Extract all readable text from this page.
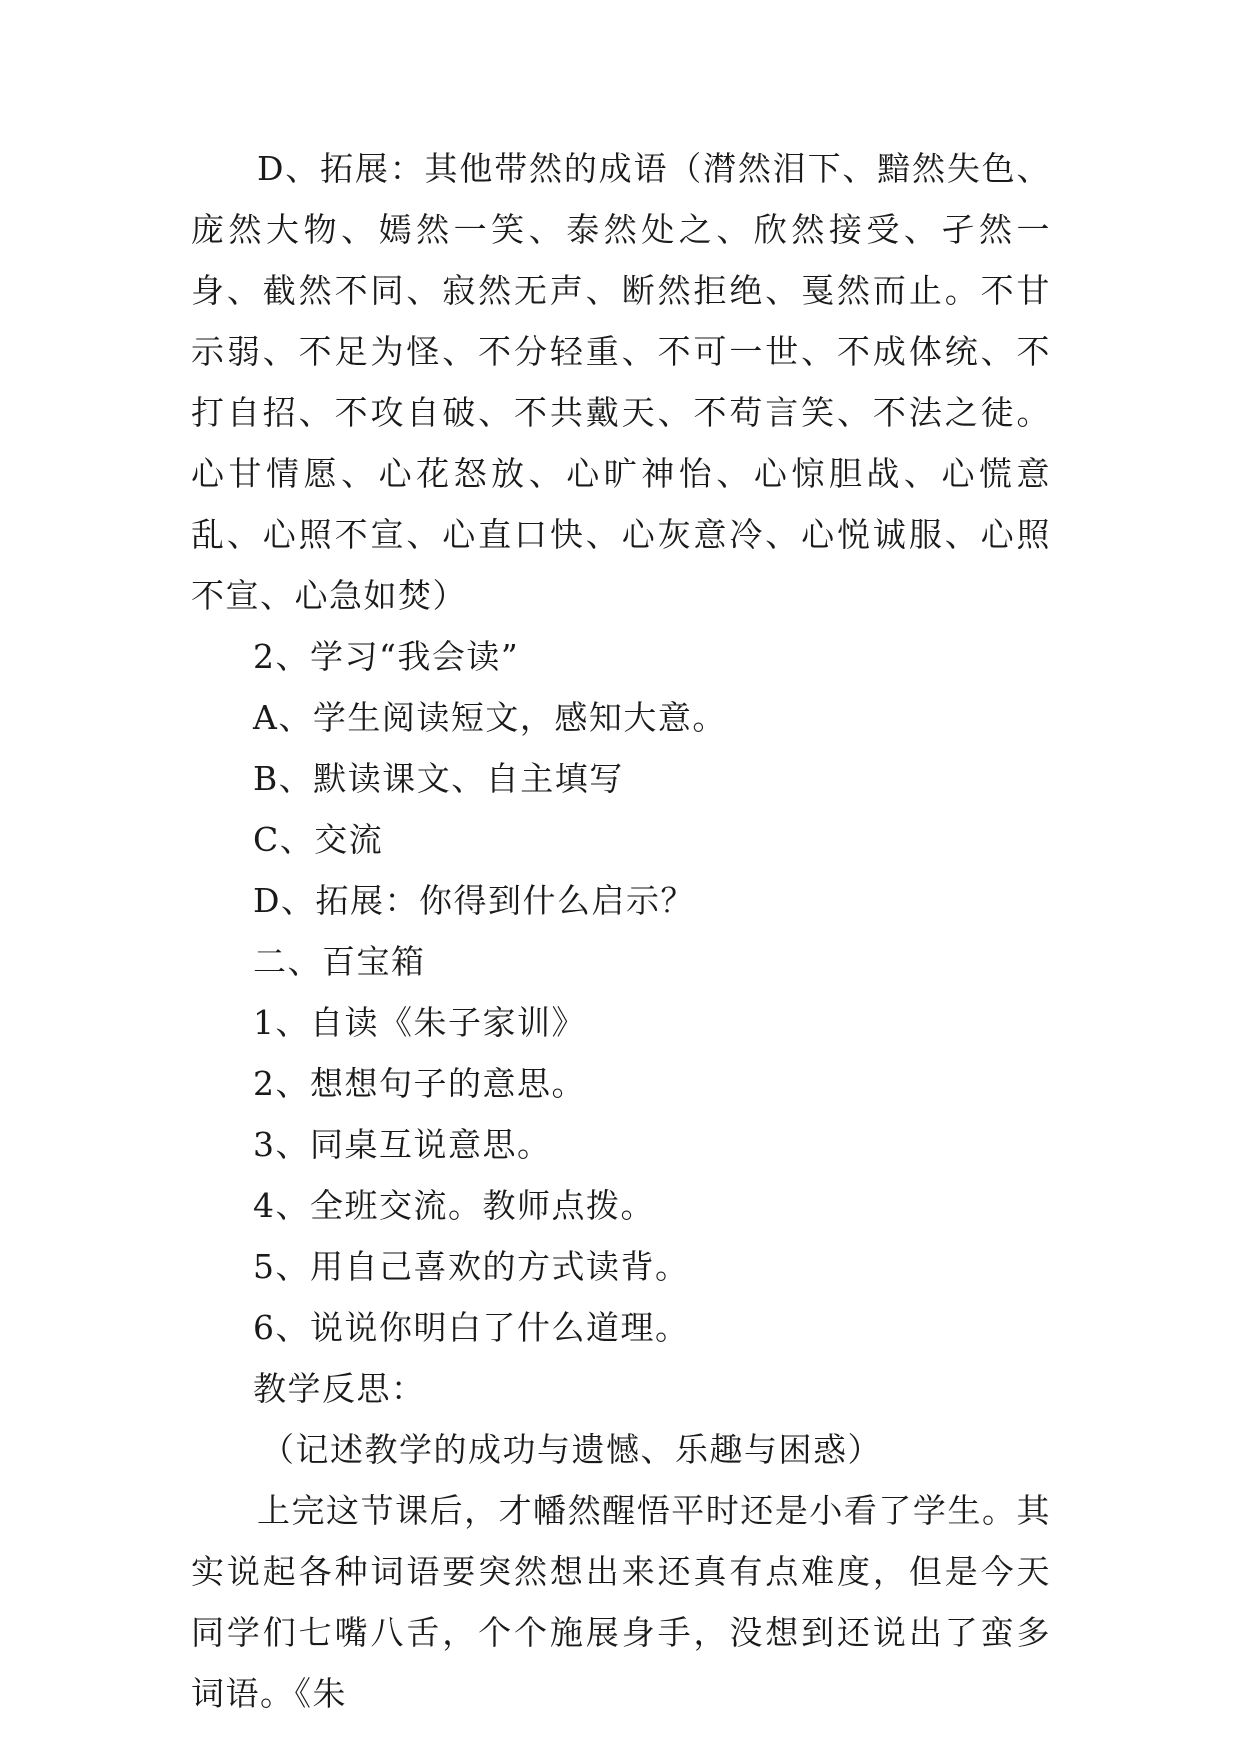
D、拓展：其他带然的成语（潸然泪下、黯然失色、庞然大物、嫣然一笑、泰然处之、欣然接受、孑然一身、截然不同、寂然无声、断然拒绝、戛然而止。不甘示弱、不足为怪、不分轻重、不可一世、不成体统、不打自招、不攻自破、不共戴天、不苟言笑、不法之徒。心甘情愿、心花怒放、心旷神怡、心惊胆战、心慌意乱、心照不宣、心直口快、心灰意冷、心悦诚服、心照不宣、心急如焚）

2、学习“我会读”

A、学生阅读短文，感知大意。

B、默读课文、自主填写

C、交流

D、拓展：你得到什么启示？

二、百宝箱

1、自读《朱子家训》

2、想想句子的意思。

3、同桌互说意思。

4、全班交流。教师点拨。

5、用自己喜欢的方式读背。

6、说说你明白了什么道理。

教学反思：

（记述教学的成功与遗憾、乐趣与困惑）

上完这节课后，才幡然醒悟平时还是小看了学生。其实说起各种词语要突然想出来还真有点难度，但是今天同学们七嘴八舌，个个施展身手，没想到还说出了蛮多词语。《朱
